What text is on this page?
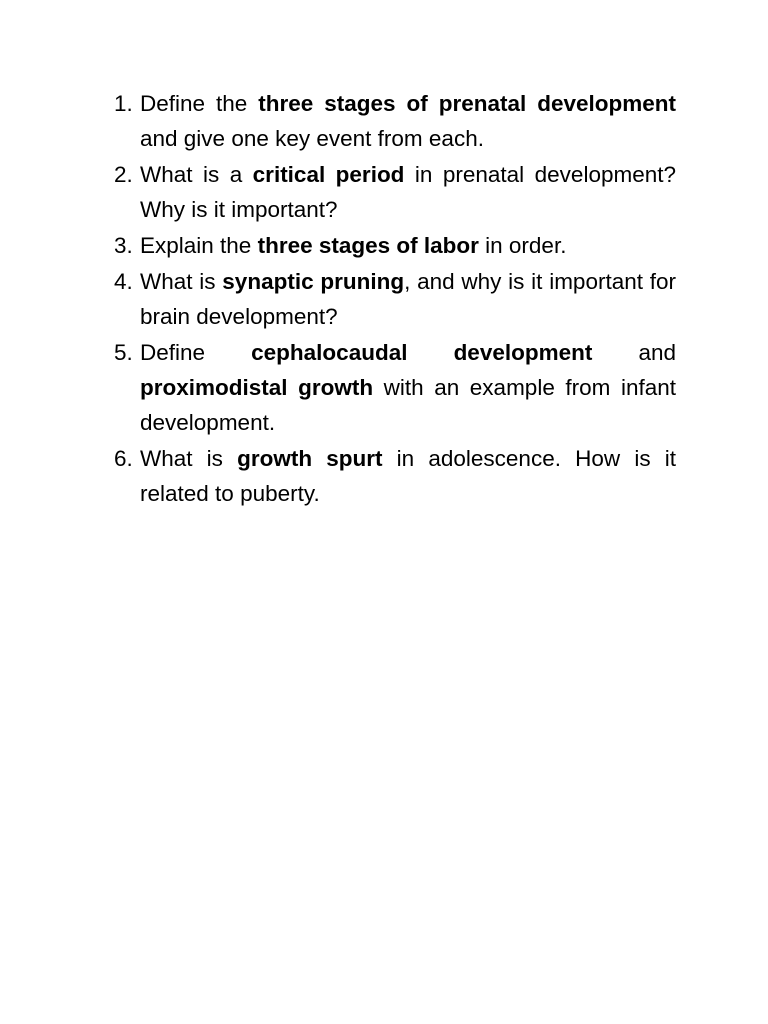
1. Define the three stages of prenatal development and give one key event from each.
2. What is a critical period in prenatal development? Why is it important?
3. Explain the three stages of labor in order.
4. What is synaptic pruning, and why is it important for brain development?
5. Define cephalocaudal development and proximodistal growth with an example from infant development.
6. What is growth spurt in adolescence. How is it related to puberty.
